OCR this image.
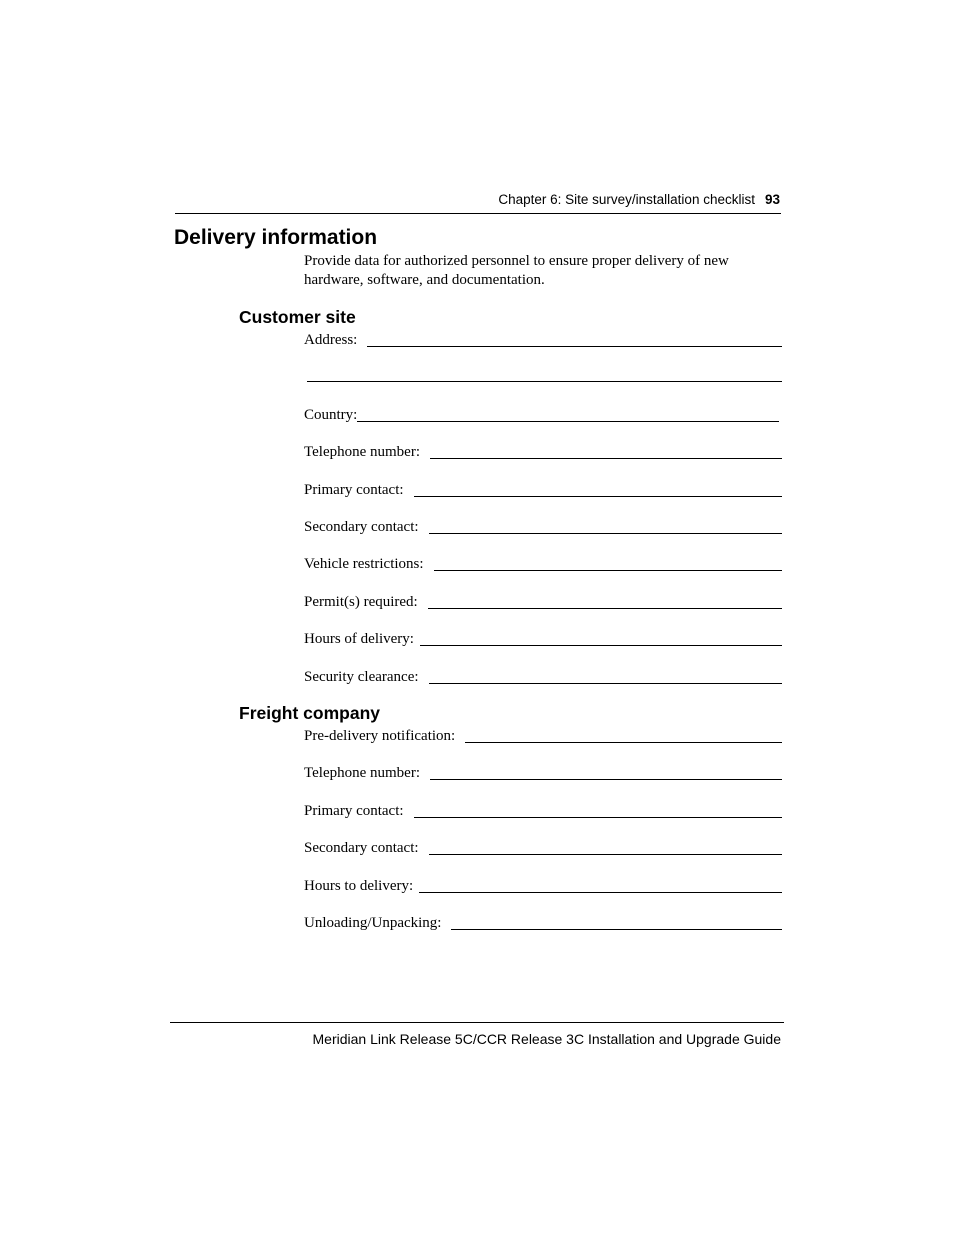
Chapter 6: Site survey/installation checklist 93
Delivery information

Provide data for authorized personnel to ensure proper delivery of new hardware, software, and documentation.

Customer site
Address:
Country:
Telephone number:
Primary contact:
Secondary contact:
Vehicle restrictions:
Permit(s) required:
Hours of delivery:
Security clearance:
Freight company
Pre-delivery notification:
Telephone number:
Primary contact:
Secondary contact:
Hours to delivery:
Unloading/Unpacking:
Meridian Link Release 5C/CCR Release 3C Installation and Upgrade Guide
